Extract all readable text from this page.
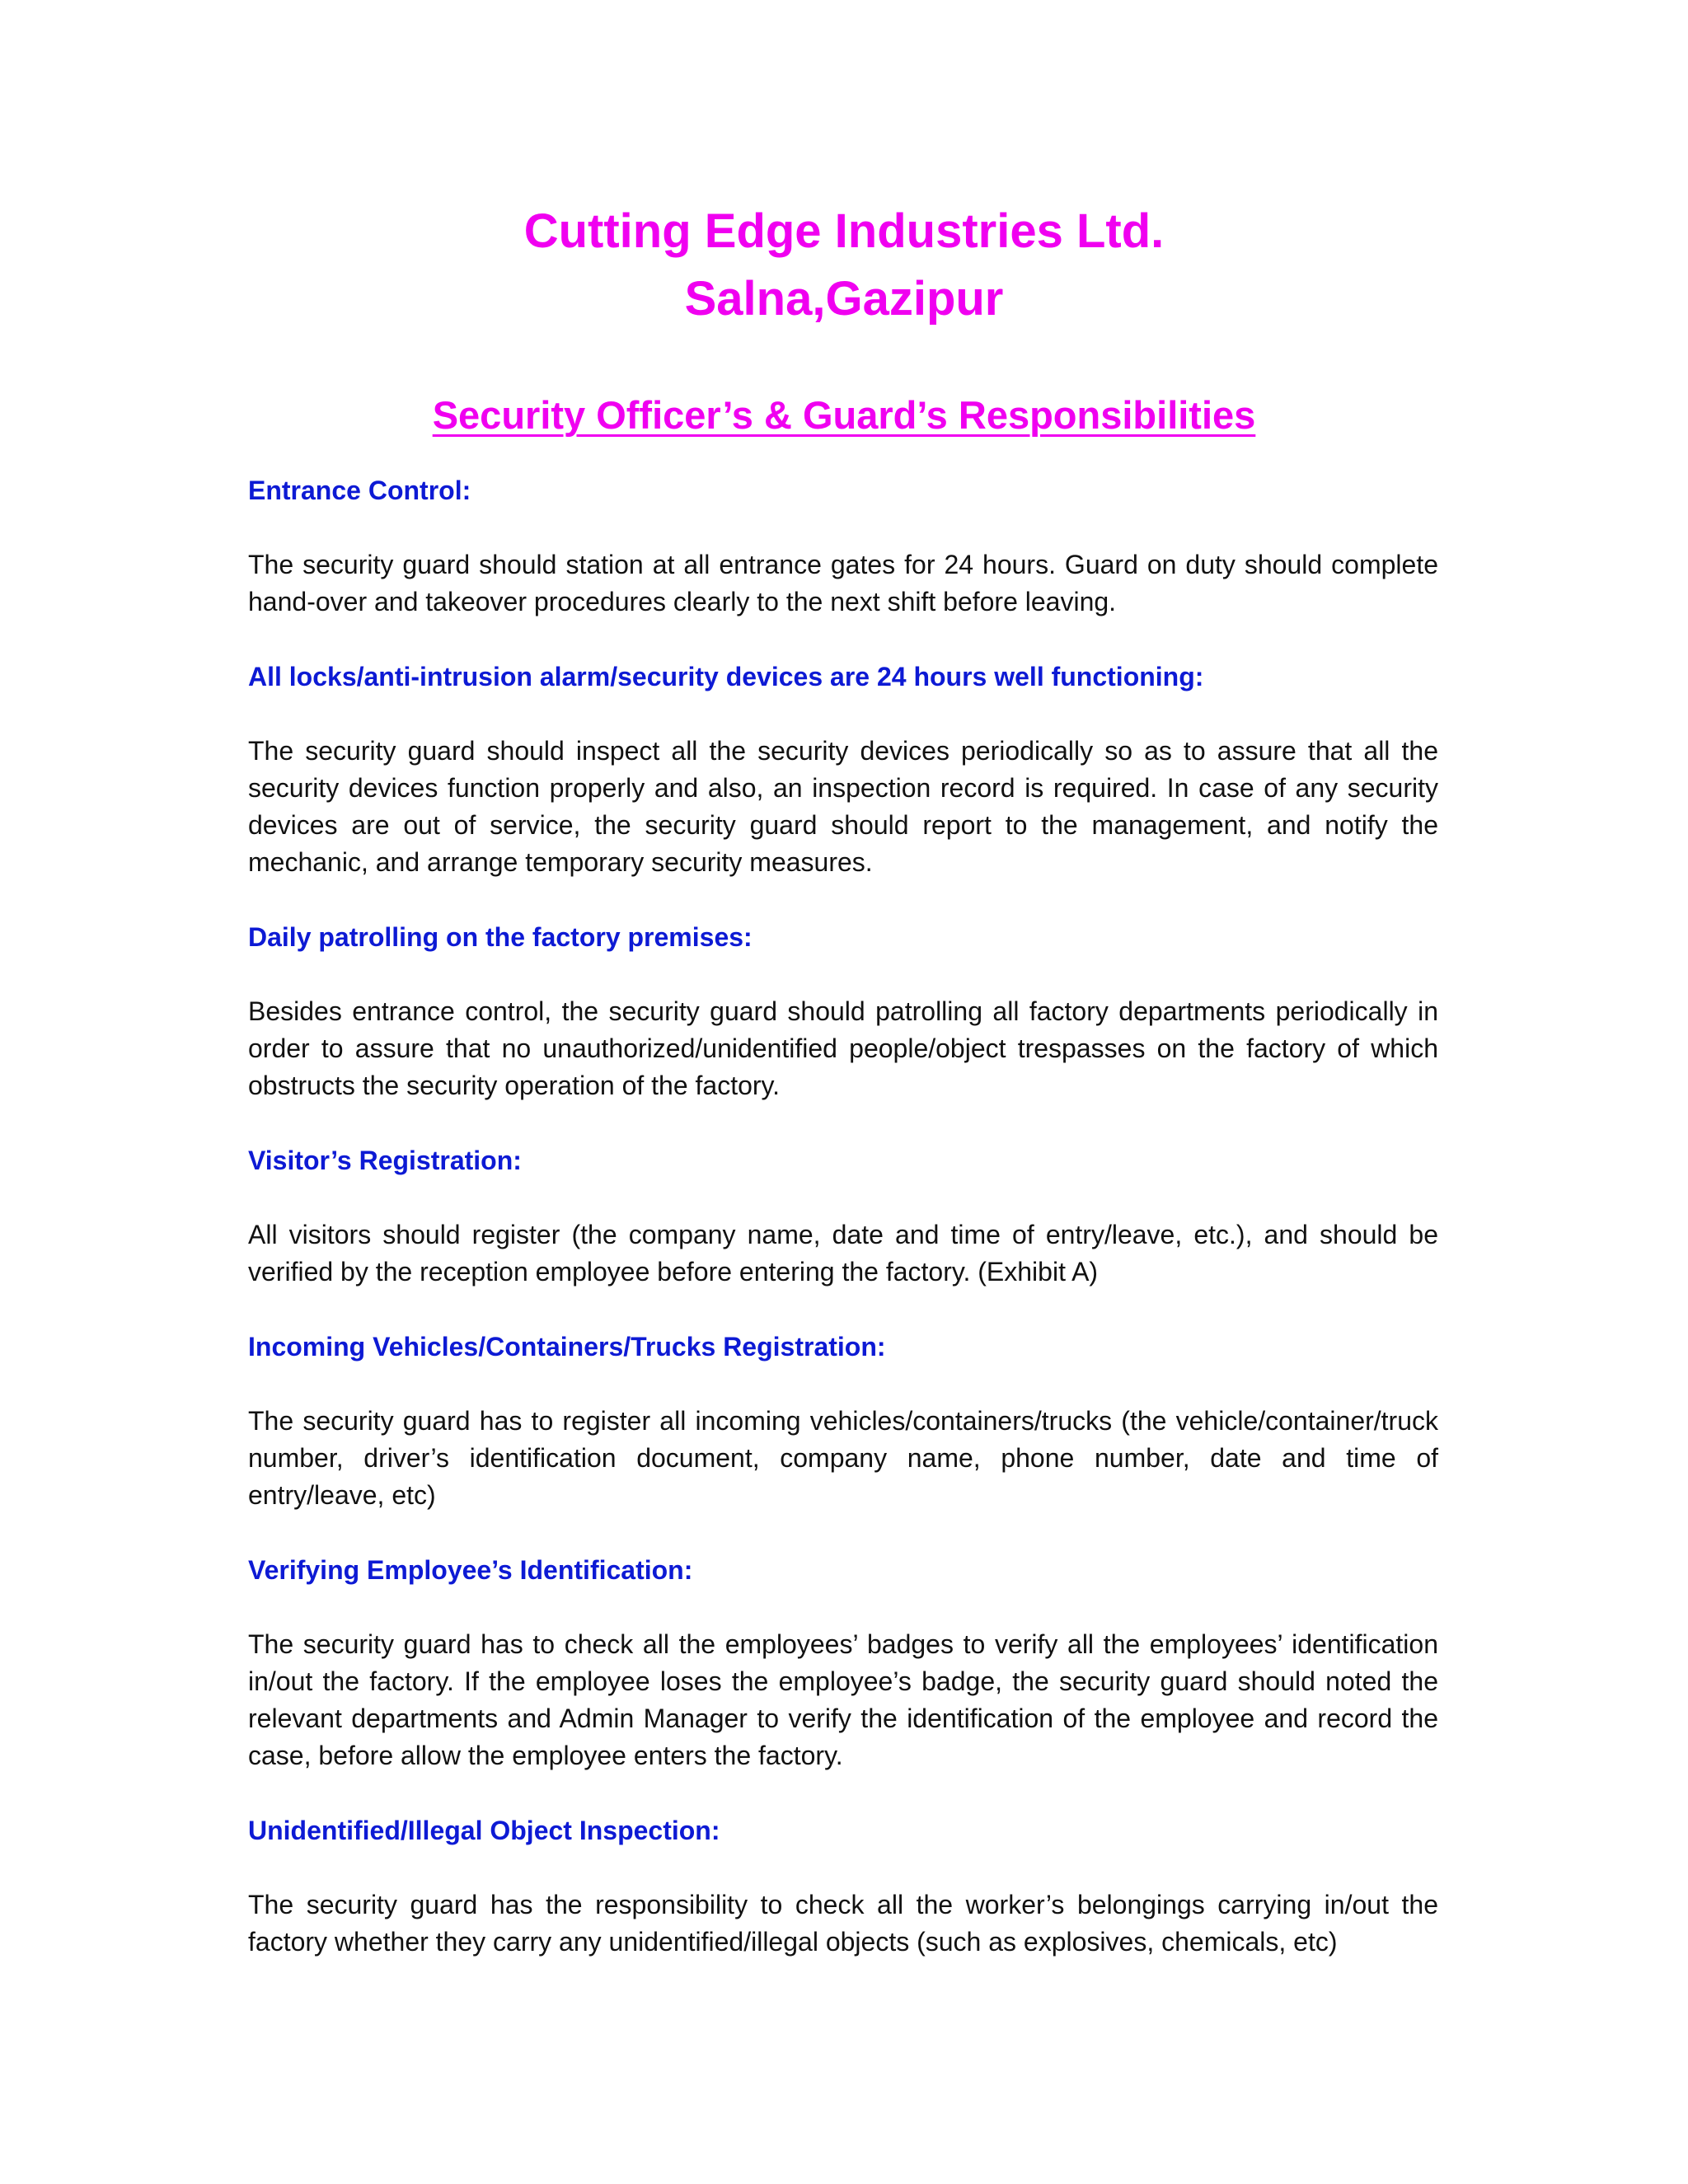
Cutting Edge Industries Ltd.
Salna,Gazipur
Security Officer’s & Guard’s Responsibilities
Entrance Control:

The security guard should station at all entrance gates for 24 hours. Guard on duty should complete hand-over and takeover procedures clearly to the next shift before leaving.

All locks/anti-intrusion alarm/security devices are 24 hours well functioning:

The security guard should inspect all the security devices periodically so as to assure that all the security devices function properly and also, an inspection record is required. In case of any security devices are out of service, the security guard should report to the management, and notify the mechanic, and arrange temporary security measures.

Daily patrolling on the factory premises:

Besides entrance control, the security guard should patrolling all factory departments periodically in order to assure that no unauthorized/unidentified people/object trespasses on the factory of which obstructs the security operation of the factory.

Visitor’s Registration:

All visitors should register (the company name, date and time of entry/leave, etc.), and should be verified by the reception employee before entering the factory. (Exhibit A)

Incoming Vehicles/Containers/Trucks Registration:

The security guard has to register all incoming vehicles/containers/trucks (the vehicle/container/truck number, driver’s identification document, company name, phone number, date and time of entry/leave, etc)

Verifying Employee’s Identification:

The security guard has to check all the employees’ badges to verify all the employees’ identification in/out the factory. If the employee loses the employee’s badge, the security guard should noted the relevant departments and Admin Manager to verify the identification of the employee and record the case, before allow the employee enters the factory.

Unidentified/Illegal Object Inspection:

The security guard has the responsibility to check all the worker’s belongings carrying in/out the factory whether they carry any unidentified/illegal objects (such as explosives, chemicals, etc)
